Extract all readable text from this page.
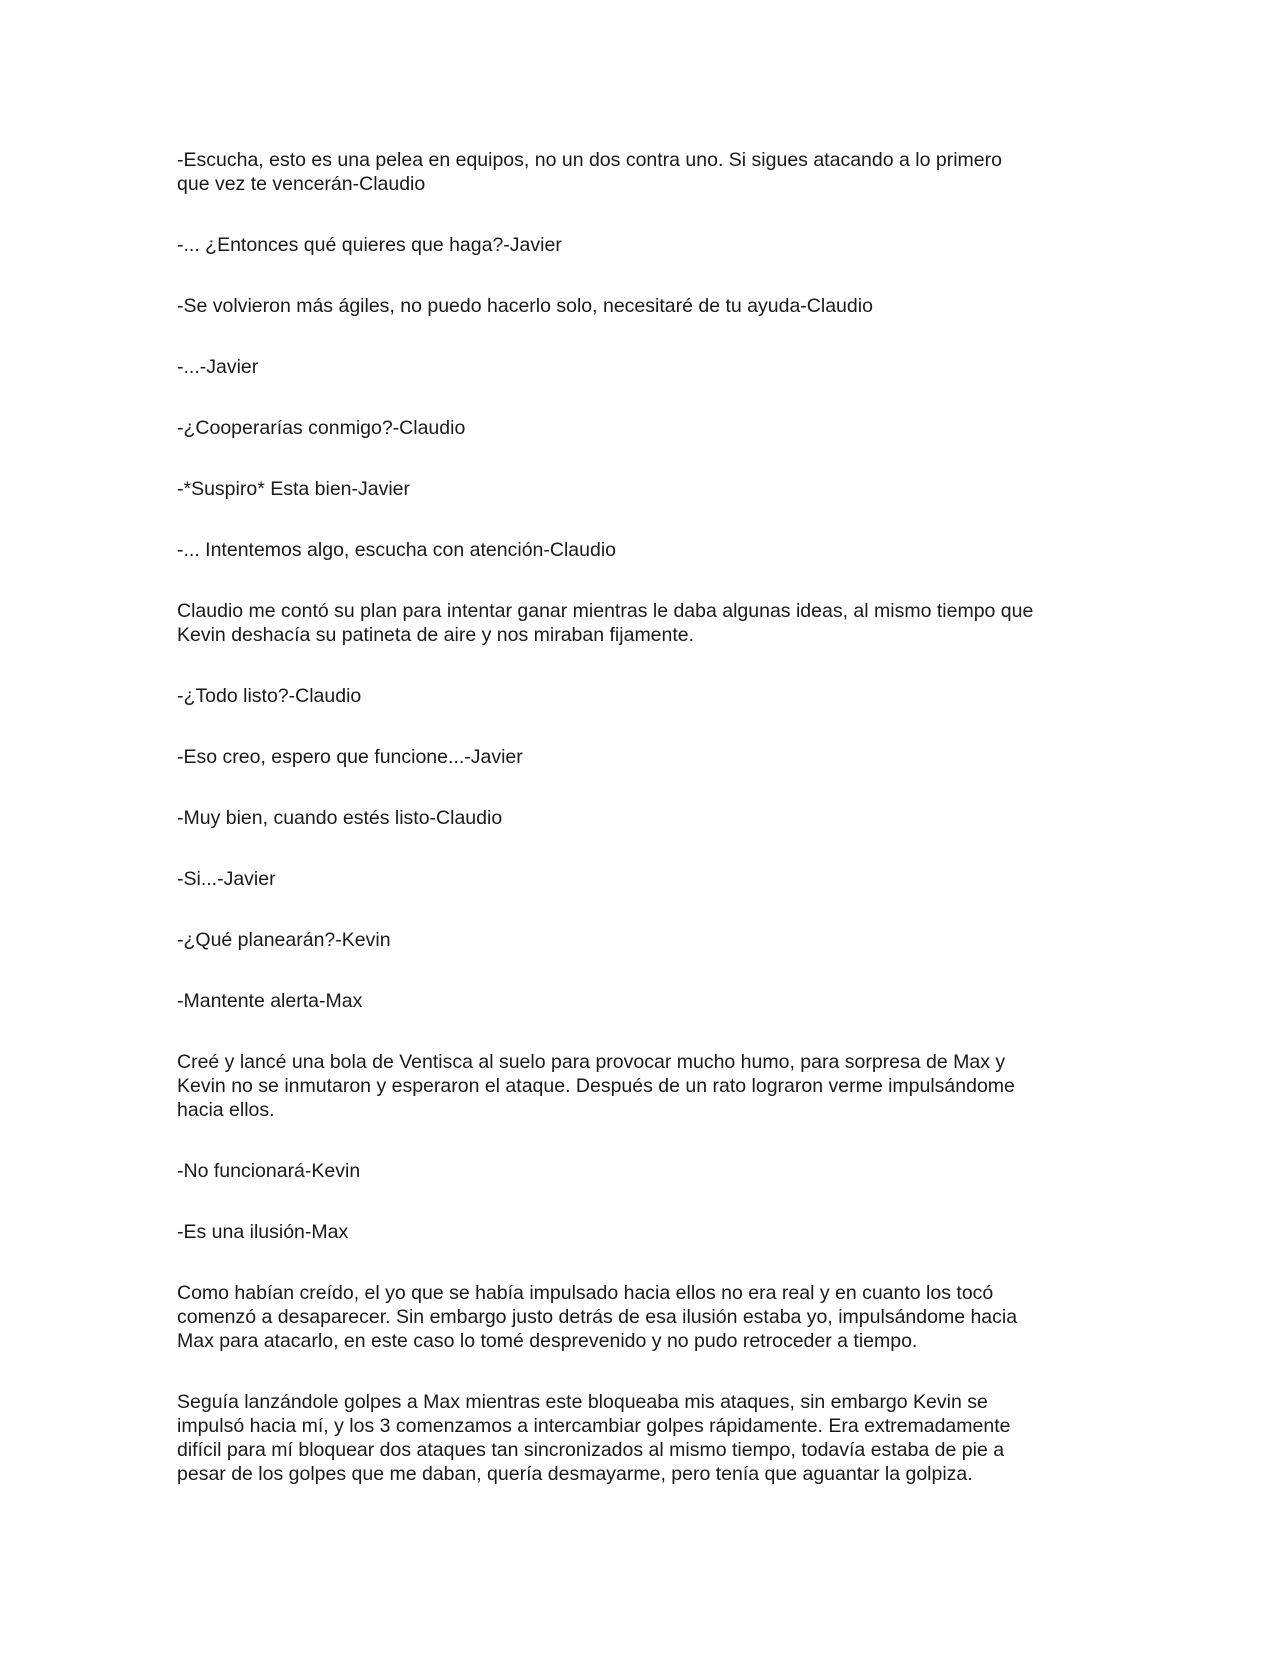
-Escucha, esto es una pelea en equipos, no un dos contra uno. Si sigues atacando a lo primero
que vez te vencerán-Claudio

-... ¿Entonces qué quieres que haga?-Javier

-Se volvieron más ágiles, no puedo hacerlo solo, necesitaré de tu ayuda-Claudio

-...-Javier

-¿Cooperarías conmigo?-Claudio

-*Suspiro* Esta bien-Javier

-... Intentemos algo, escucha con atención-Claudio

Claudio me contó su plan para intentar ganar mientras le daba algunas ideas, al mismo tiempo que
Kevin deshacía su patineta de aire y nos miraban fijamente.

-¿Todo listo?-Claudio

-Eso creo, espero que funcione...-Javier

-Muy bien, cuando estés listo-Claudio

-Si...-Javier

-¿Qué planearán?-Kevin

-Mantente alerta-Max

Creé y lancé una bola de Ventisca al suelo para provocar mucho humo, para sorpresa de Max y
Kevin no se inmutaron y esperaron el ataque. Después de un rato lograron verme impulsándome
hacia ellos.

-No funcionará-Kevin

-Es una ilusión-Max

Como habían creído, el yo que se había impulsado hacia ellos no era real y en cuanto los tocó
comenzó a desaparecer. Sin embargo justo detrás de esa ilusión estaba yo, impulsándome hacia
Max para atacarlo, en este caso lo tomé desprevenido y no pudo retroceder a tiempo.

Seguía lanzándole golpes a Max mientras este bloqueaba mis ataques, sin embargo Kevin se
impulsó hacia mí, y los 3 comenzamos a intercambiar golpes rápidamente. Era extremadamente
difícil para mí bloquear dos ataques tan sincronizados al mismo tiempo, todavía estaba de pie a
pesar de los golpes que me daban, quería desmayarme, pero tenía que aguantar la golpiza.
